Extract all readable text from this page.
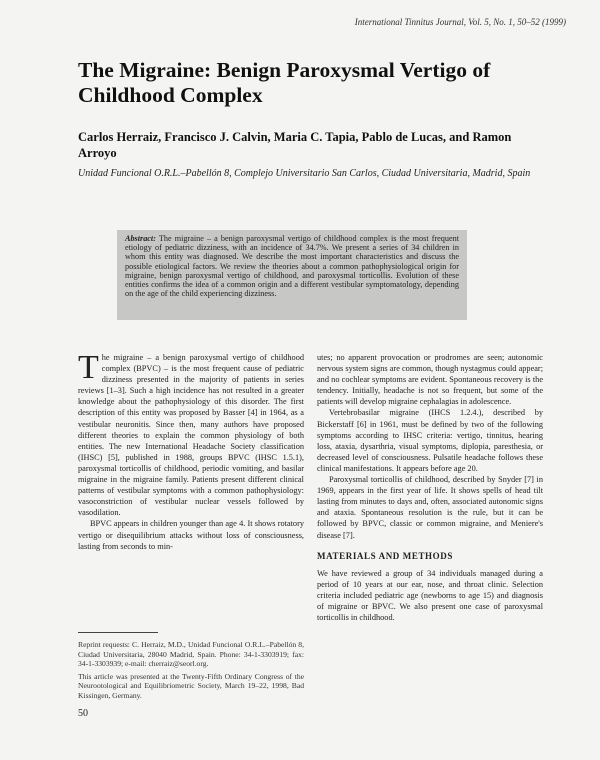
International Tinnitus Journal, Vol. 5, No. 1, 50–52 (1999)
The Migraine: Benign Paroxysmal Vertigo of Childhood Complex
Carlos Herraiz, Francisco J. Calvin, Maria C. Tapia, Pablo de Lucas, and Ramon Arroyo
Unidad Funcional O.R.L.–Pabellón 8, Complejo Universitario San Carlos, Ciudad Universitaria, Madrid, Spain
Abstract: The migraine – a benign paroxysmal vertigo of childhood complex is the most frequent etiology of pediatric dizziness, with an incidence of 34.7%. We present a series of 34 children in whom this entity was diagnosed. We describe the most important characteristics and discuss the possible etiological factors. We review the theories about a common pathophysiological origin for migraine, benign paroxysmal vertigo of childhood, and paroxysmal torticollis. Evolution of these entities confirms the idea of a common origin and a different vestibular symptomatology, depending on the age of the child experiencing dizziness.

The migraine – a benign paroxysmal vertigo of childhood complex (BPVC) – is the most frequent cause of pediatric dizziness presented in the majority of patients in series reviews [1–3]. Such a high incidence has not resulted in a greater knowledge about the pathophysiology of this disorder. The first description of this entity was proposed by Basser [4] in 1964, as a vestibular neuronitis. Since then, many authors have proposed different theories to explain the common physiology of both entities. The new International Headache Society classification (IHSC) [5], published in 1988, groups BPVC (IHSC 1.5.1), paroxysmal torticollis of childhood, periodic vomiting, and basilar migraine in the migraine family. Patients present different clinical patterns of vestibular symptoms with a common pathophysiology: vasoconstriction of vestibular nuclear vessels followed by vasodilation.

BPVC appears in children younger than age 4. It shows rotatory vertigo or disequilibrium attacks without loss of consciousness, lasting from seconds to min-

utes; no apparent provocation or prodromes are seen; autonomic nervous system signs are common, though nystagmus could appear; and no cochlear symptoms are evident. Spontaneous recovery is the tendency. Initially, headache is not so frequent, but some of the patients will develop migraine cephalagias in adolescence.

Vertebrobasilar migraine (IHCS 1.2.4.), described by Bickerstaff [6] in 1961, must be defined by two of the following symptoms according to IHSC criteria: vertigo, tinnitus, hearing loss, ataxia, dysarthria, visual symptoms, diplopia, paresthesia, or decreased level of consciousness. Pulsatile headache follows these clinical manifestations. It appears before age 20.

Paroxysmal torticollis of childhood, described by Snyder [7] in 1969, appears in the first year of life. It shows spells of head tilt lasting from minutes to days and, often, associated autonomic signs and ataxia. Spontaneous resolution is the rule, but it can be followed by BPVC, classic or common migraine, and Meniere's disease [7].

MATERIALS AND METHODS

We have reviewed a group of 34 individuals managed during a period of 10 years at our ear, nose, and throat clinic. Selection criteria included pediatric age (newborns to age 15) and diagnosis of migraine or BPVC. We also present one case of paroxysmal torticollis in childhood.

Reprint requests: C. Herraiz, M.D., Unidad Funcional O.R.L.–Pabellón 8, Ciudad Universitaria, 28040 Madrid, Spain. Phone: 34-1-3303919; fax: 34-1-3303939; e-mail: cherraiz@seorl.org.

This article was presented at the Twenty-Fifth Ordinary Congress of the Neurootological and Equilibriometric Society, March 19–22, 1998, Bad Kissingen, Germany.

50
